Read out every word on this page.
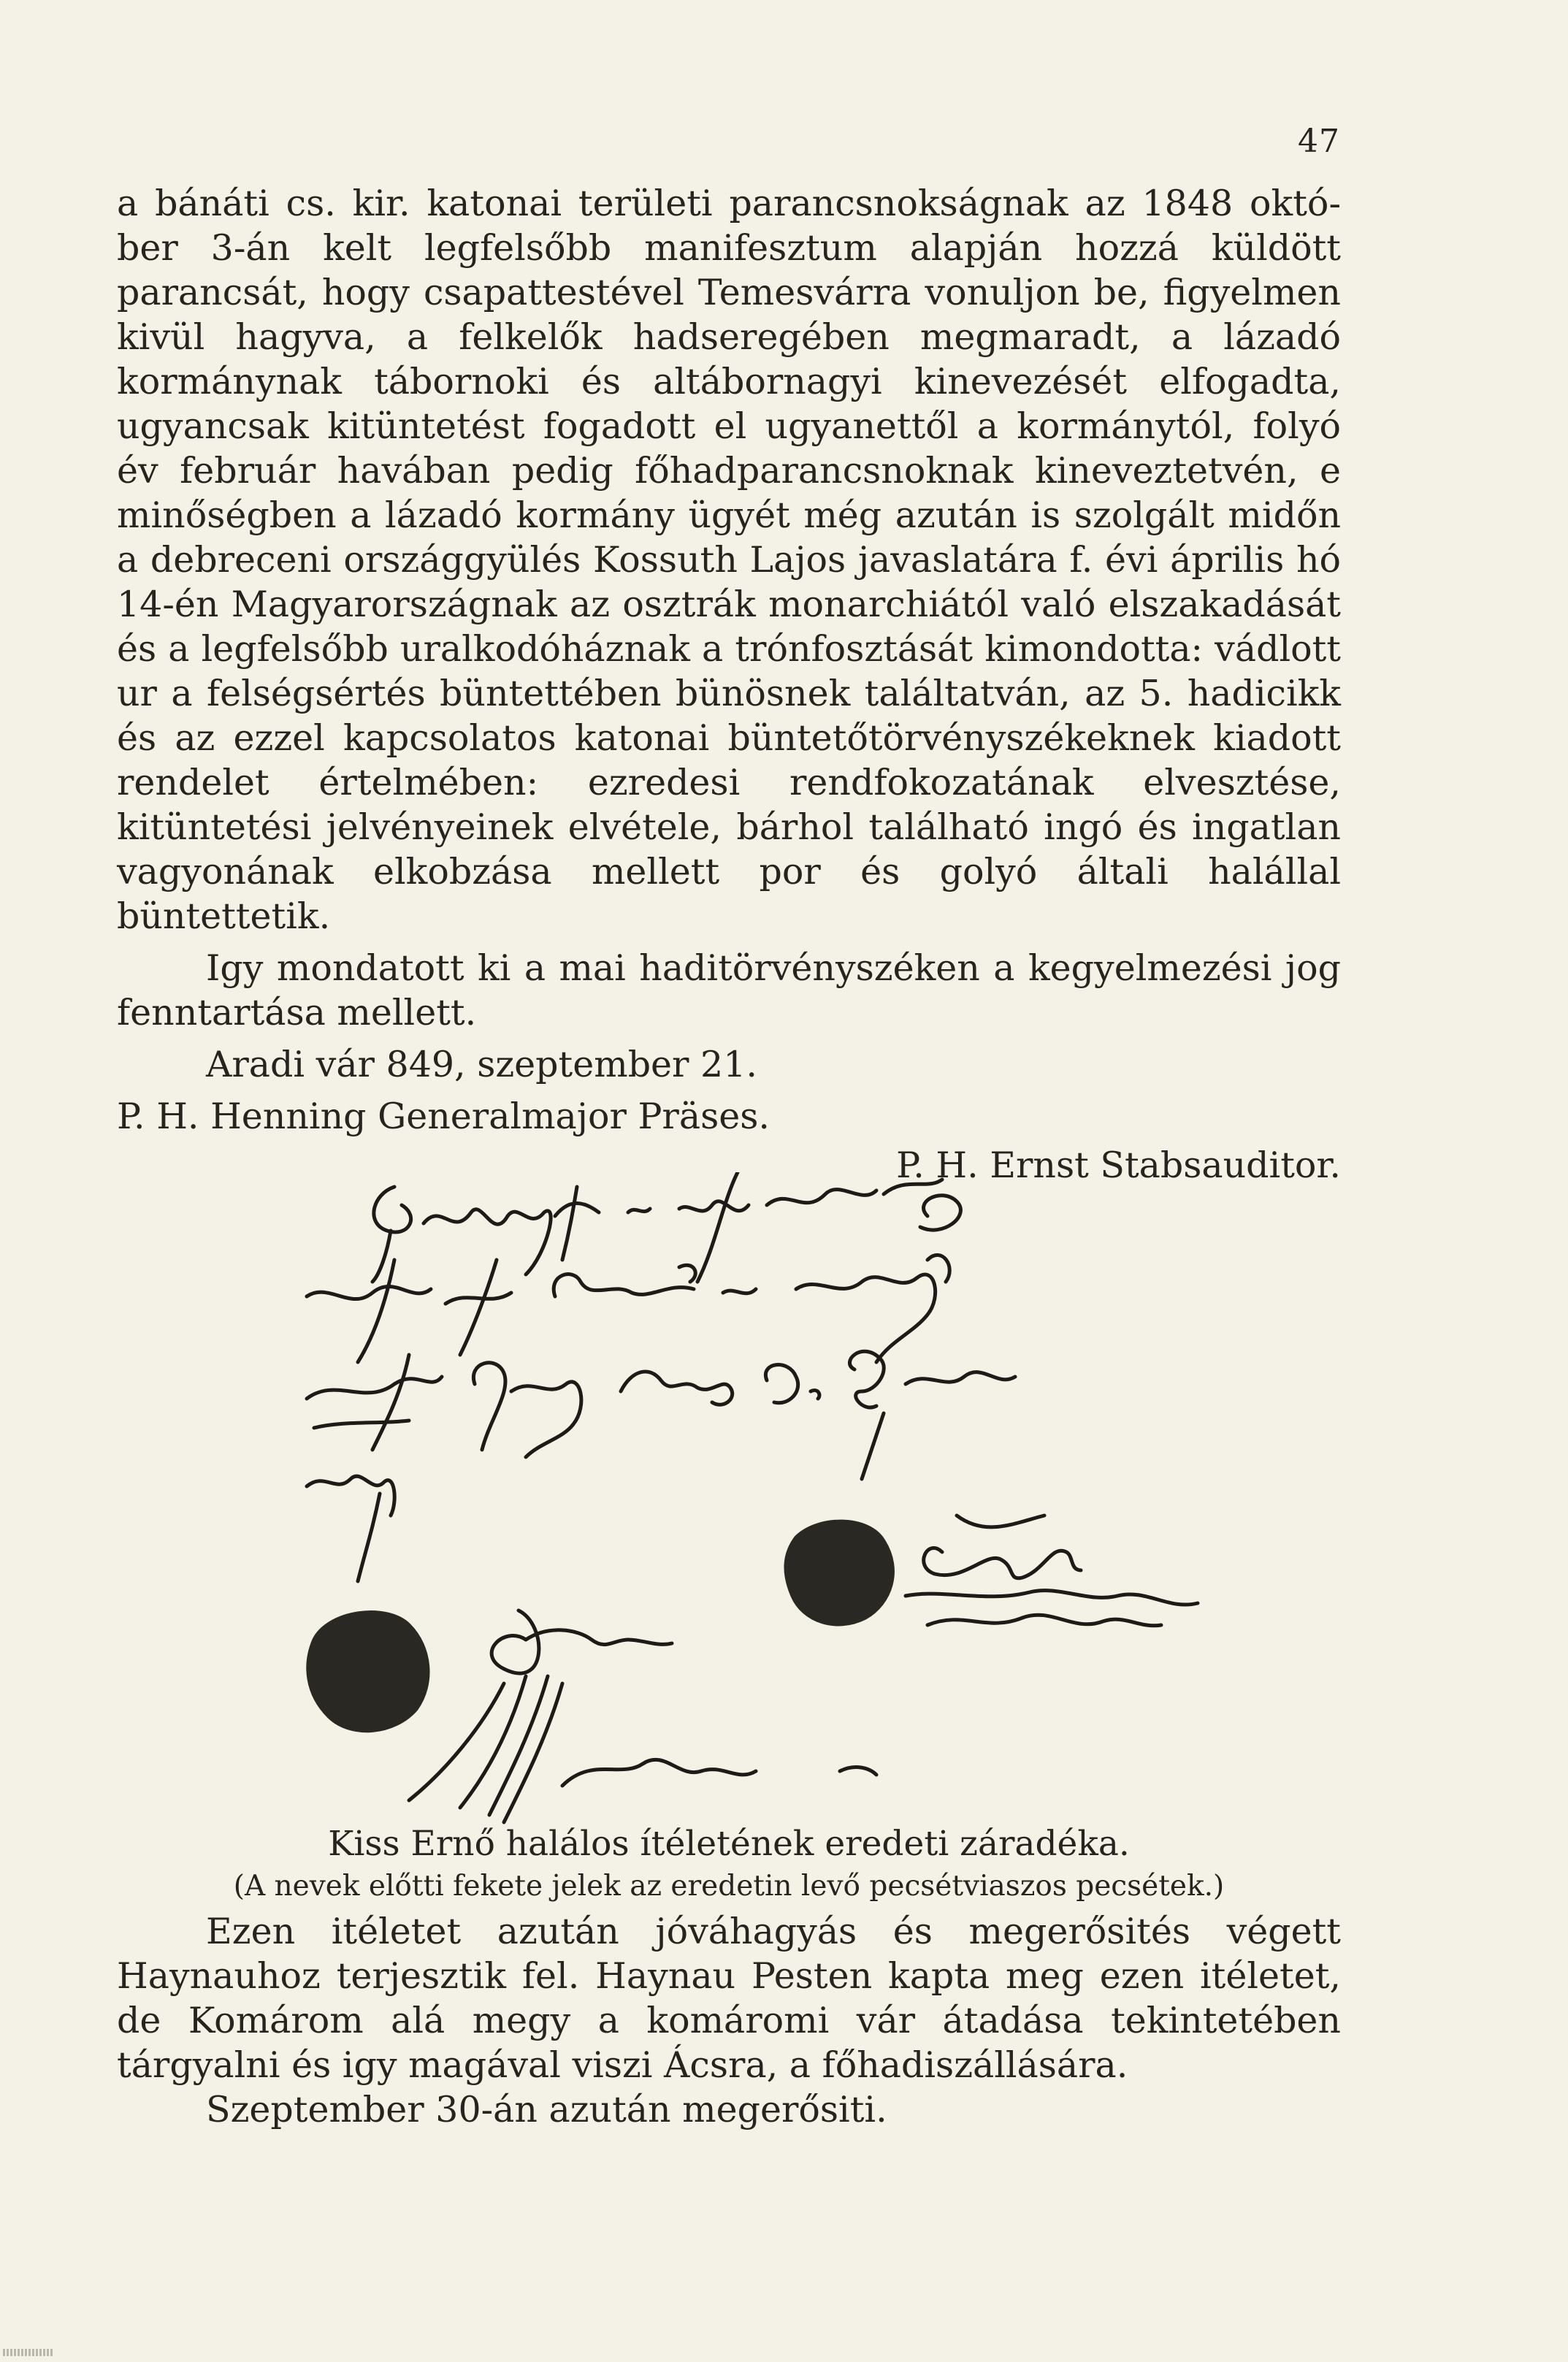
47

a bánáti cs. kir. katonai területi parancsnokságnak az 1848 október 3-án kelt legfelsőbb manifesztum alapján hozzá küldött parancsát, hogy csapattestével Temesvárra vonuljon be, figyelmen kivül hagyva, a felkelők hadseregében megmaradt, a lázadó kormánynak tábornoki és altábornagyi kinevezését elfogadta, ugyancsak kitüntetést fogadott el ugyanettől a kormánytól, folyó év február havában pedig főhadparancsnoknak kineveztetvén, e minőségben a lázadó kormány ügyét még azután is szolgált midőn a debreceni országgyülés Kossuth Lajos javaslatára f. évi április hó 14-én Magyarországnak az osztrák monarchiától való elszakadását és a legfelsőbb uralkodóháznak a trónfosztását kimondotta: vádlott ur a felségsértés büntettében bünösnek találtatván, az 5. hadicikk és az ezzel kapcsolatos katonai büntetőtörvényszékeknek kiadott rendelet értelmében: ezredesi rendfokozatának elvesztése, kitüntetési jelvényeinek elvétele, bárhol található ingó és ingatlan vagyonának elkobzása mellett por és golyó általi halállal büntettetik.

Igy mondatott ki a mai haditörvényszéken a kegyelmezési jog fenntartása mellett.

Aradi vár 849, szeptember 21.

P. H. Henning Generalmajor Präses.

P. H. Ernst Stabsauditor.

Kiss Ernő halálos ítéletének eredeti záradéka.

(A nevek előtti fekete jelek az eredetin levő pecsétviaszos pecsétek.)

Ezen itéletet azután jóváhagyás és megerősités végett Haynauhoz terjesztik fel. Haynau Pesten kapta meg ezen itéletet, de Komárom alá megy a komáromi vár átadása tekintetében tárgyalni és igy magával viszi Ácsra, a főhadiszállására.

Szeptember 30-án azután megerősiti.
